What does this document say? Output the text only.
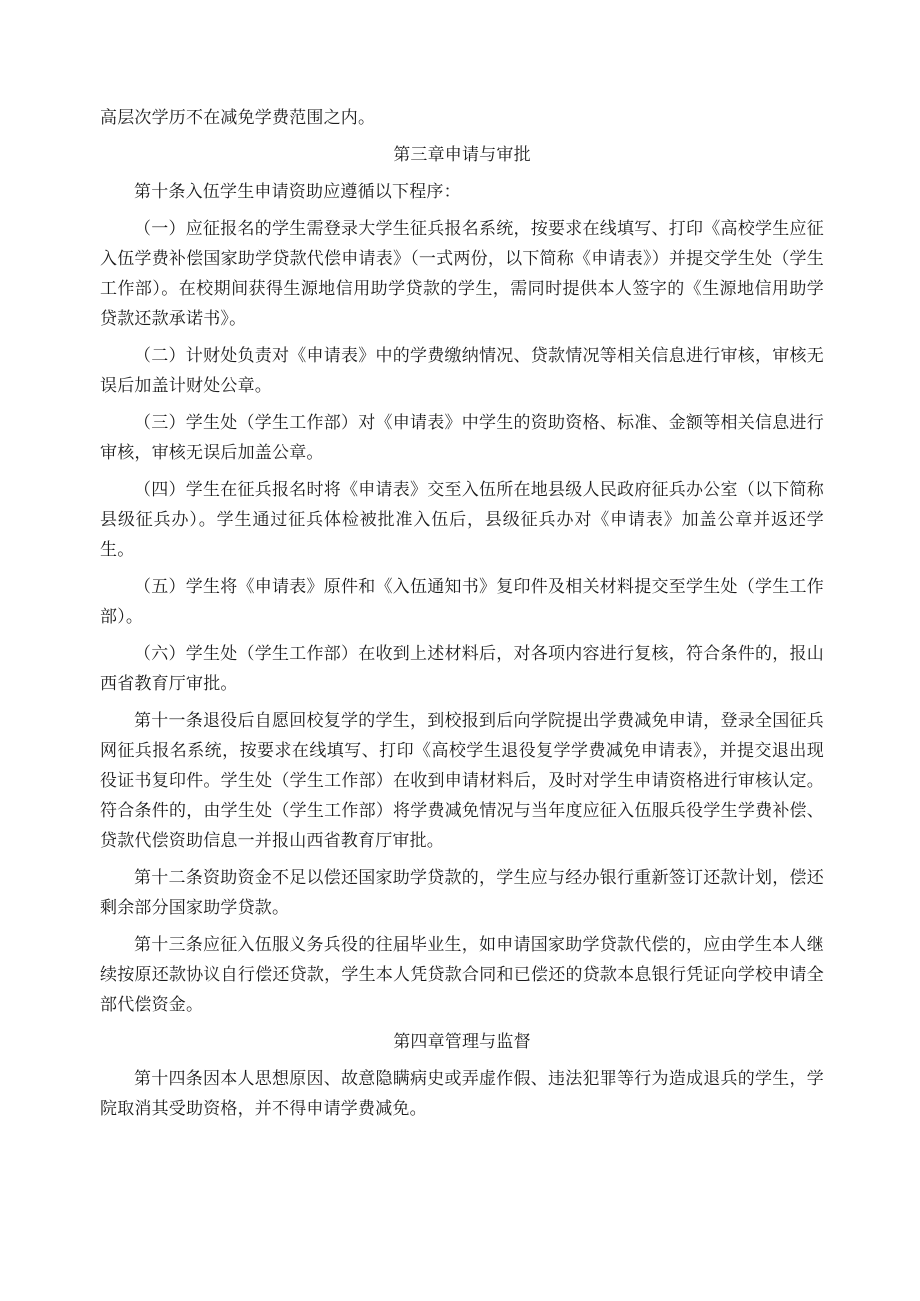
高层次学历不在减免学费范围之内。

第三章申请与审批

第十条入伍学生申请资助应遵循以下程序：

（一）应征报名的学生需登录大学生征兵报名系统，按要求在线填写、打印《高校学生应征入伍学费补偿国家助学贷款代偿申请表》（一式两份，以下简称《申请表》）并提交学生处（学生工作部）。在校期间获得生源地信用助学贷款的学生，需同时提供本人签字的《生源地信用助学贷款还款承诺书》。

（二）计财处负责对《申请表》中的学费缴纳情况、贷款情况等相关信息进行审核，审核无误后加盖计财处公章。

（三）学生处（学生工作部）对《申请表》中学生的资助资格、标准、金额等相关信息进行审核，审核无误后加盖公章。

（四）学生在征兵报名时将《申请表》交至入伍所在地县级人民政府征兵办公室（以下简称县级征兵办）。学生通过征兵体检被批准入伍后，县级征兵办对《申请表》加盖公章并返还学生。

（五）学生将《申请表》原件和《入伍通知书》复印件及相关材料提交至学生处（学生工作部）。

（六）学生处（学生工作部）在收到上述材料后，对各项内容进行复核，符合条件的，报山西省教育厅审批。

第十一条退役后自愿回校复学的学生，到校报到后向学院提出学费减免申请，登录全国征兵网征兵报名系统，按要求在线填写、打印《高校学生退役复学学费减免申请表》，并提交退出现役证书复印件。学生处（学生工作部）在收到申请材料后，及时对学生申请资格进行审核认定。符合条件的，由学生处（学生工作部）将学费减免情况与当年度应征入伍服兵役学生学费补偿、贷款代偿资助信息一并报山西省教育厅审批。

第十二条资助资金不足以偿还国家助学贷款的，学生应与经办银行重新签订还款计划，偿还剩余部分国家助学贷款。

第十三条应征入伍服义务兵役的往届毕业生，如申请国家助学贷款代偿的，应由学生本人继续按原还款协议自行偿还贷款，学生本人凭贷款合同和已偿还的贷款本息银行凭证向学校申请全部代偿资金。

第四章管理与监督

第十四条因本人思想原因、故意隐瞒病史或弄虚作假、违法犯罪等行为造成退兵的学生，学院取消其受助资格，并不得申请学费减免。
